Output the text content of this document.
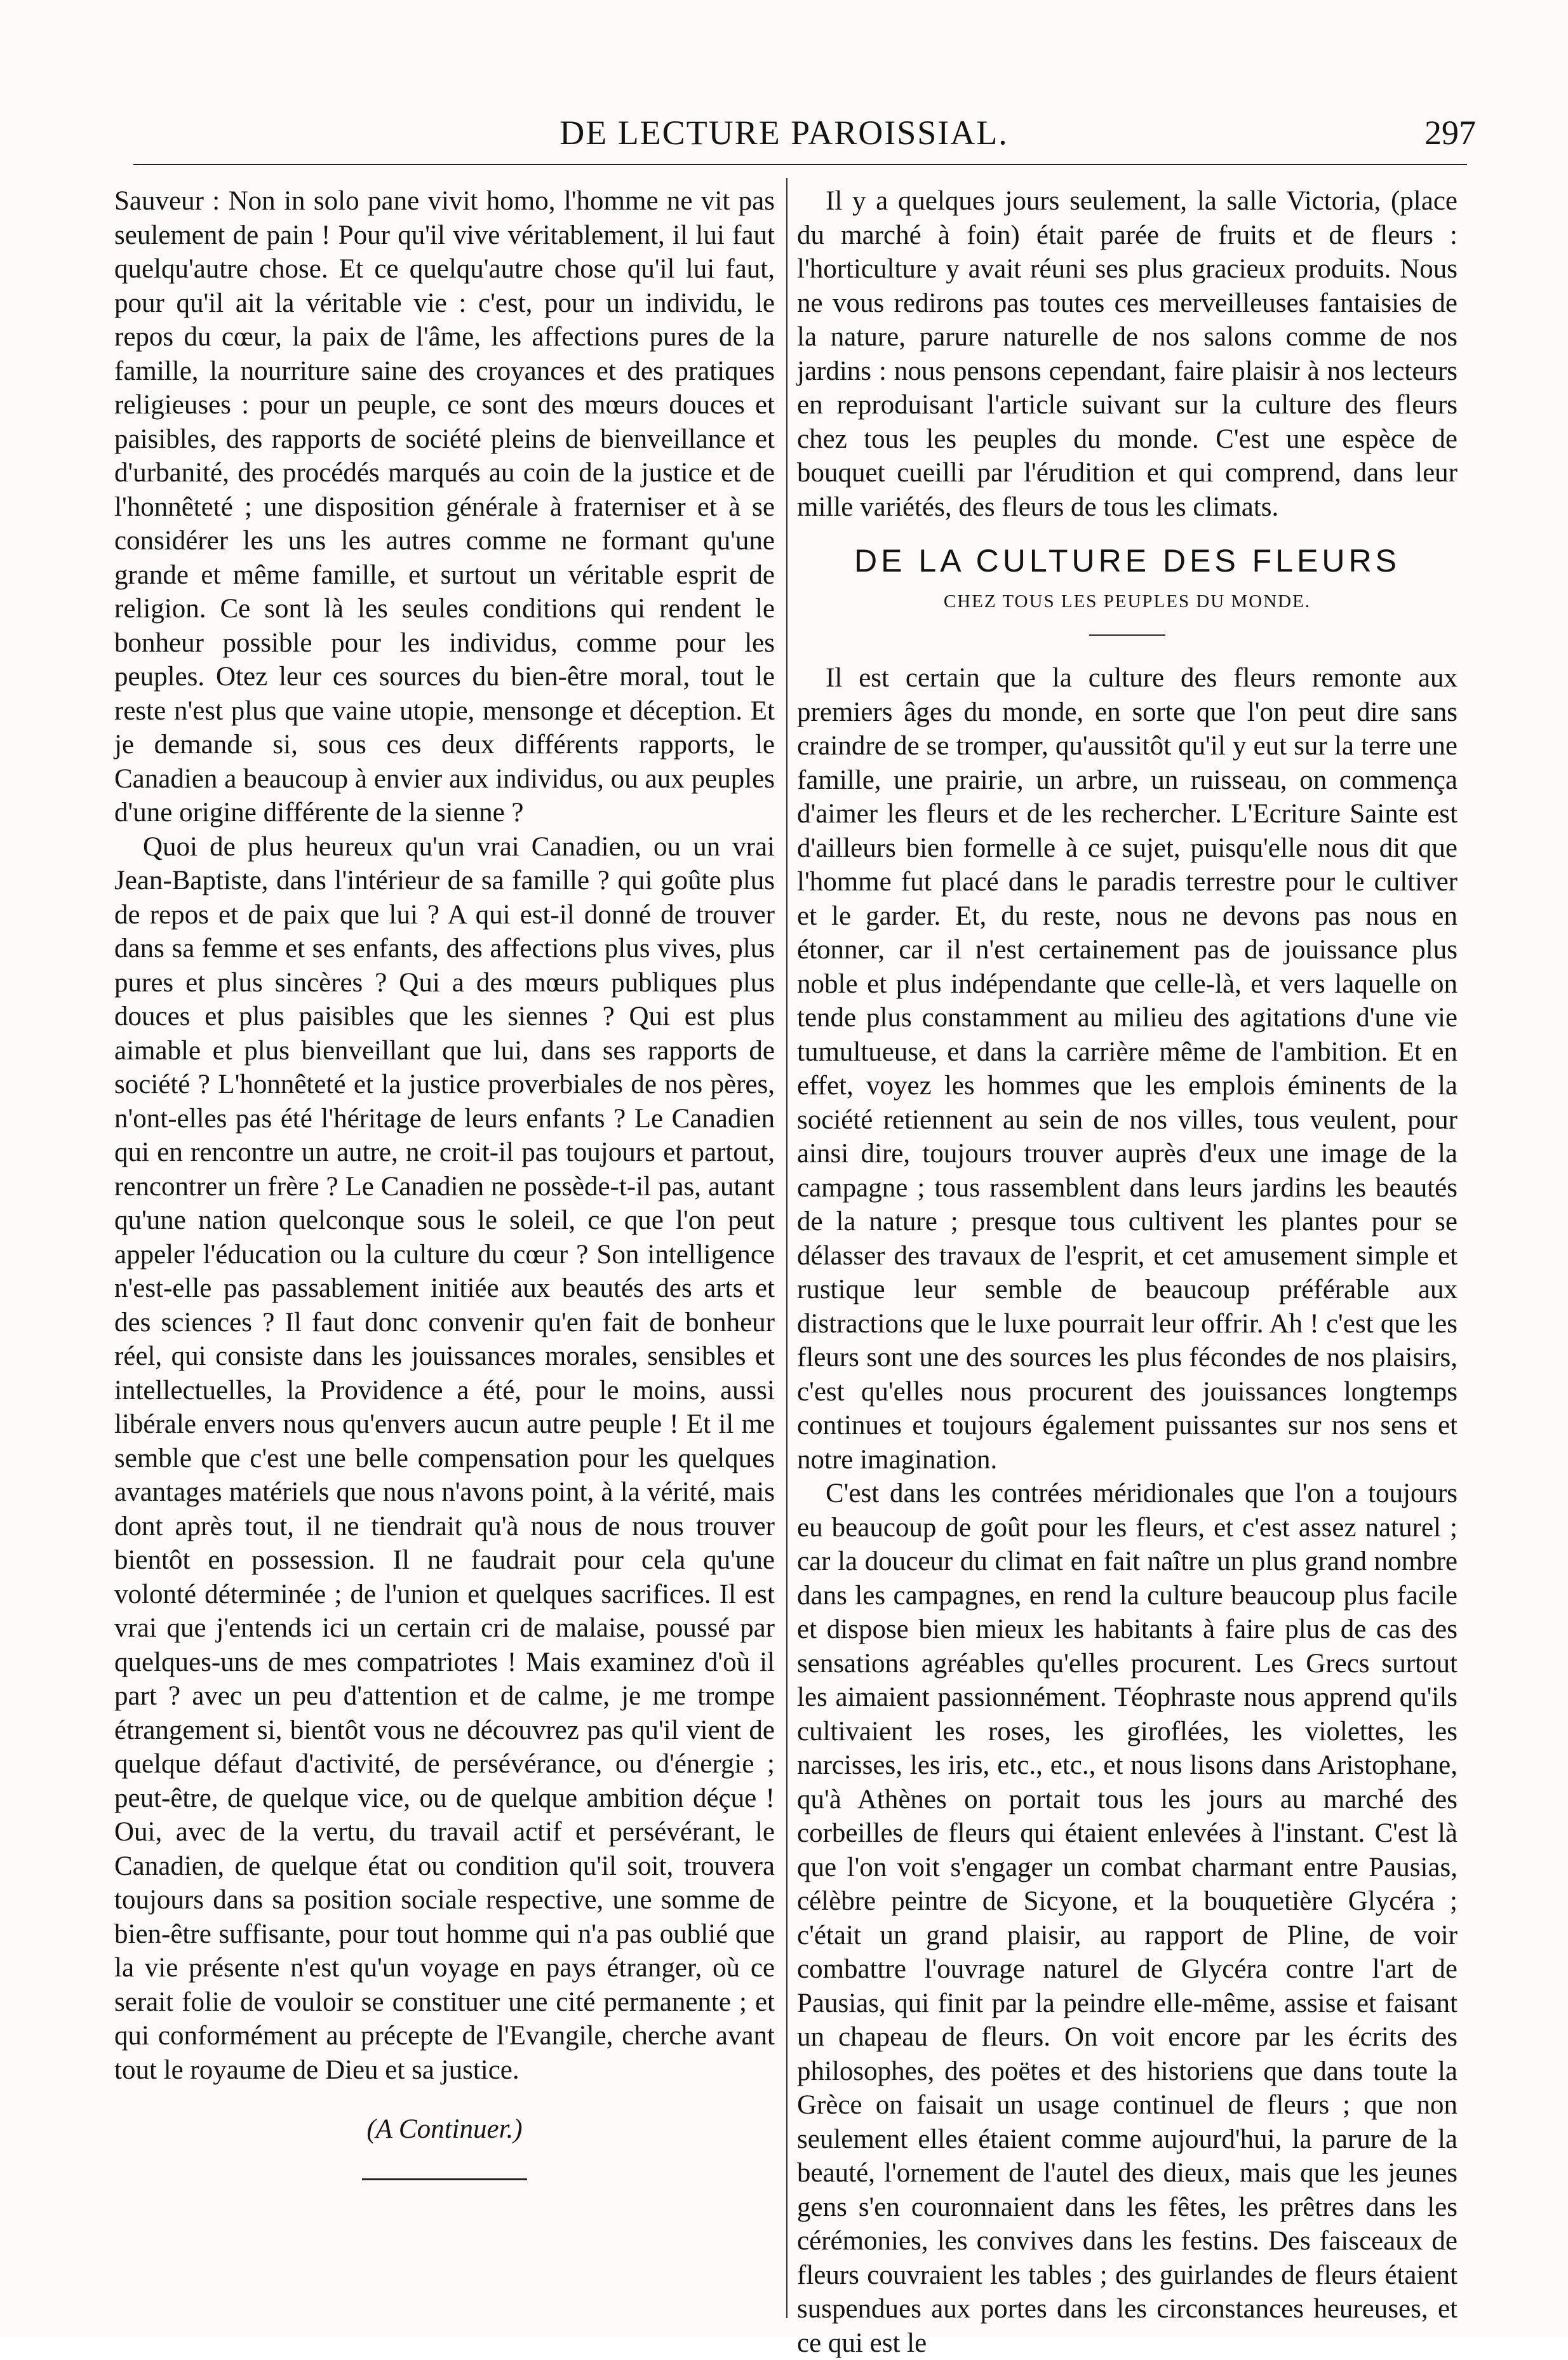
DE LECTURE PAROISSIAL.	297

Sauveur : Non in solo pane vivit homo, l'homme ne vit pas seulement de pain ! Pour qu'il vive véritablement, il lui faut quelqu'autre chose. Et ce quelqu'autre chose qu'il lui faut, pour qu'il ait la véritable vie : c'est, pour un individu, le repos du cœur, la paix de l'âme, les affections pures de la famille, la nourriture saine des croyances et des pratiques religieuses : pour un peuple, ce sont des mœurs douces et paisibles, des rapports de société pleins de bienveillance et d'urbanité, des procédés marqués au coin de la justice et de l'honnêteté ; une disposition générale à fraterniser et à se considérer les uns les autres comme ne formant qu'une grande et même famille, et surtout un véritable esprit de religion. Ce sont là les seules conditions qui rendent le bonheur possible pour les individus, comme pour les peuples. Otez leur ces sources du bien-être moral, tout le reste n'est plus que vaine utopie, mensonge et déception. Et je demande si, sous ces deux différents rapports, le Canadien a beaucoup à envier aux individus, ou aux peuples d'une origine différente de la sienne ?

Quoi de plus heureux qu'un vrai Canadien, ou un vrai Jean-Baptiste, dans l'intérieur de sa famille ? qui goûte plus de repos et de paix que lui ? A qui est-il donné de trouver dans sa femme et ses enfants, des affections plus vives, plus pures et plus sincères ? Qui a des mœurs publiques plus douces et plus paisibles que les siennes ? Qui est plus aimable et plus bienveillant que lui, dans ses rapports de société ? L'honnêteté et la justice proverbiales de nos pères, n'ont-elles pas été l'héritage de leurs enfants ? Le Canadien qui en rencontre un autre, ne croit-il pas toujours et partout, rencontrer un frère ? Le Canadien ne possède-t-il pas, autant qu'une nation quelconque sous le soleil, ce que l'on peut appeler l'éducation ou la culture du cœur ? Son intelligence n'est-elle pas passablement initiée aux beautés des arts et des sciences ? Il faut donc convenir qu'en fait de bonheur réel, qui consiste dans les jouissances morales, sensibles et intellectuelles, la Providence a été, pour le moins, aussi libérale envers nous qu'envers aucun autre peuple ! Et il me semble que c'est une belle compensation pour les quelques avantages matériels que nous n'avons point, à la vérité, mais dont après tout, il ne tiendrait qu'à nous de nous trouver bientôt en possession. Il ne faudrait pour cela qu'une volonté déterminée ; de l'union et quelques sacrifices. Il est vrai que j'entends ici un certain cri de malaise, poussé par quelques-uns de mes compatriotes ! Mais examinez d'où il part ? avec un peu d'attention et de calme, je me trompe étrangement si, bientôt vous ne découvrez pas qu'il vient de quelque défaut d'activité, de persévérance, ou d'énergie ; peut-être, de quelque vice, ou de quelque ambition déçue ! Oui, avec de la vertu, du travail actif et persévérant, le Canadien, de quelque état ou condition qu'il soit, trouvera toujours dans sa position sociale respective, une somme de bien-être suffisante, pour tout homme qui n'a pas oublié que la vie présente n'est qu'un voyage en pays étranger, où ce serait folie de vouloir se constituer une cité permanente ; et qui conformément au précepte de l'Evangile, cherche avant tout le royaume de Dieu et sa justice.

(A Continuer.)

Il y a quelques jours seulement, la salle Victoria, (place du marché à foin) était parée de fruits et de fleurs : l'horticulture y avait réuni ses plus gracieux produits. Nous ne vous redirons pas toutes ces merveilleuses fantaisies de la nature, parure naturelle de nos salons comme de nos jardins : nous pensons cependant, faire plaisir à nos lecteurs en reproduisant l'article suivant sur la culture des fleurs chez tous les peuples du monde. C'est une espèce de bouquet cueilli par l'érudition et qui comprend, dans leur mille variétés, des fleurs de tous les climats.

DE LA CULTURE DES FLEURS
CHEZ TOUS LES PEUPLES DU MONDE.

Il est certain que la culture des fleurs remonte aux premiers âges du monde, en sorte que l'on peut dire sans craindre de se tromper, qu'aussitôt qu'il y eut sur la terre une famille, une prairie, un arbre, un ruisseau, on commença d'aimer les fleurs et de les rechercher. L'Ecriture Sainte est d'ailleurs bien formelle à ce sujet, puisqu'elle nous dit que l'homme fut placé dans le paradis terrestre pour le cultiver et le garder. Et, du reste, nous ne devons pas nous en étonner, car il n'est certainement pas de jouissance plus noble et plus indépendante que celle-là, et vers laquelle on tende plus constamment au milieu des agitations d'une vie tumultueuse, et dans la carrière même de l'ambition. Et en effet, voyez les hommes que les emplois éminents de la société retiennent au sein de nos villes, tous veulent, pour ainsi dire, toujours trouver auprès d'eux une image de la campagne ; tous rassemblent dans leurs jardins les beautés de la nature ; presque tous cultivent les plantes pour se délasser des travaux de l'esprit, et cet amusement simple et rustique leur semble de beaucoup préférable aux distractions que le luxe pourrait leur offrir. Ah ! c'est que les fleurs sont une des sources les plus fécondes de nos plaisirs, c'est qu'elles nous procurent des jouissances longtemps continues et toujours également puissantes sur nos sens et notre imagination.

C'est dans les contrées méridionales que l'on a toujours eu beaucoup de goût pour les fleurs, et c'est assez naturel ; car la douceur du climat en fait naître un plus grand nombre dans les campagnes, en rend la culture beaucoup plus facile et dispose bien mieux les habitants à faire plus de cas des sensations agréables qu'elles procurent. Les Grecs surtout les aimaient passionnément. Téophraste nous apprend qu'ils cultivaient les roses, les giroflées, les violettes, les narcisses, les iris, etc., etc., et nous lisons dans Aristophane, qu'à Athènes on portait tous les jours au marché des corbeilles de fleurs qui étaient enlevées à l'instant. C'est là que l'on voit s'engager un combat charmant entre Pausias, célèbre peintre de Sicyone, et la bouquetière Glycéra ; c'était un grand plaisir, au rapport de Pline, de voir combattre l'ouvrage naturel de Glycéra contre l'art de Pausias, qui finit par la peindre elle-même, assise et faisant un chapeau de fleurs. On voit encore par les écrits des philosophes, des poëtes et des historiens que dans toute la Grèce on faisait un usage continuel de fleurs ; que non seulement elles étaient comme aujourd'hui, la parure de la beauté, l'ornement de l'autel des dieux, mais que les jeunes gens s'en couronnaient dans les fêtes, les prêtres dans les cérémonies, les convives dans les festins. Des faisceaux de fleurs couvraient les tables ; des guirlandes de fleurs étaient suspendues aux portes dans les circonstances heureuses, et ce qui est le
